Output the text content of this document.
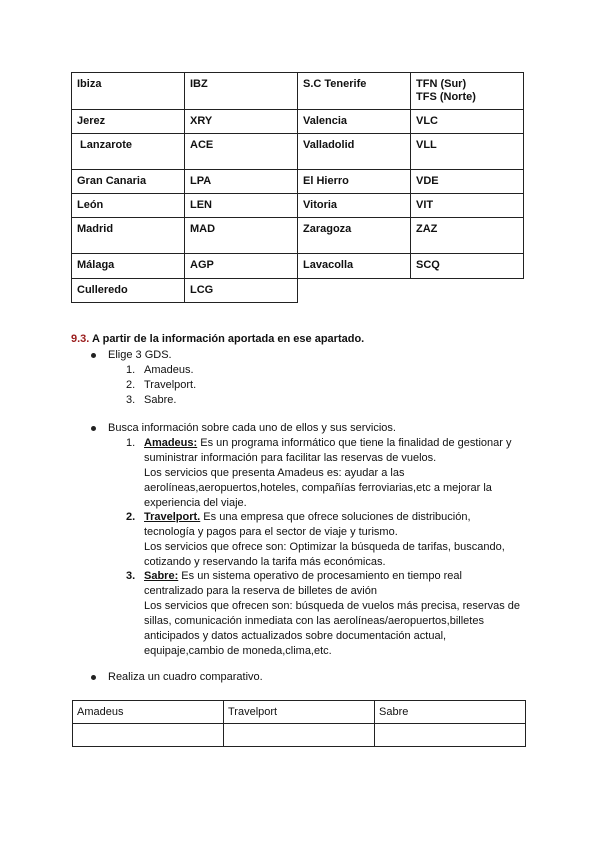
Ibiza	IBZ	S.C Tenerife	TFN (Sur)
TFS (Norte)
Jerez	XRY	Valencia	VLC
Lanzarote	ACE	Valladolid	VLL
Gran Canaria	LPA	El Hierro	VDE
León	LEN	Vitoria	VIT
Madrid	MAD	Zaragoza	ZAZ
Málaga	AGP	Lavacolla	SCQ
Culleredo	LCG		
9.3. A partir de la información aportada en ese apartado.
Elige 3 GDS.
1. Amadeus.
2. Travelport.
3. Sabre.
Busca información sobre cada uno de ellos y sus servicios.
1. Amadeus: Es un programa informático que tiene la finalidad de gestionar y
suministrar información para facilitar las reservas de vuelos.
Los servicios que presenta Amadeus es: ayudar a las
aerolíneas,aeropuertos,hoteles, compañías ferroviarias,etc a mejorar la
experiencia del viaje.
2. Travelport. Es una empresa que ofrece soluciones de distribución,
tecnología y pagos para el sector de viaje y turismo.
Los servicios que ofrece son: Optimizar la búsqueda de tarifas, buscando,
cotizando y reservando la tarifa más económicas.
3. Sabre: Es un sistema operativo de procesamiento en tiempo real
centralizado para la reserva de billetes de avión
Los servicios que ofrecen son: búsqueda de vuelos más precisa, reservas de
sillas, comunicación inmediata con las aerolíneas/aeropuertos,billetes
anticipados y datos actualizados sobre documentación actual,
equipaje,cambio de moneda,clima,etc.
Realiza un cuadro comparativo.
Amadeus	Travelport	Sabre
